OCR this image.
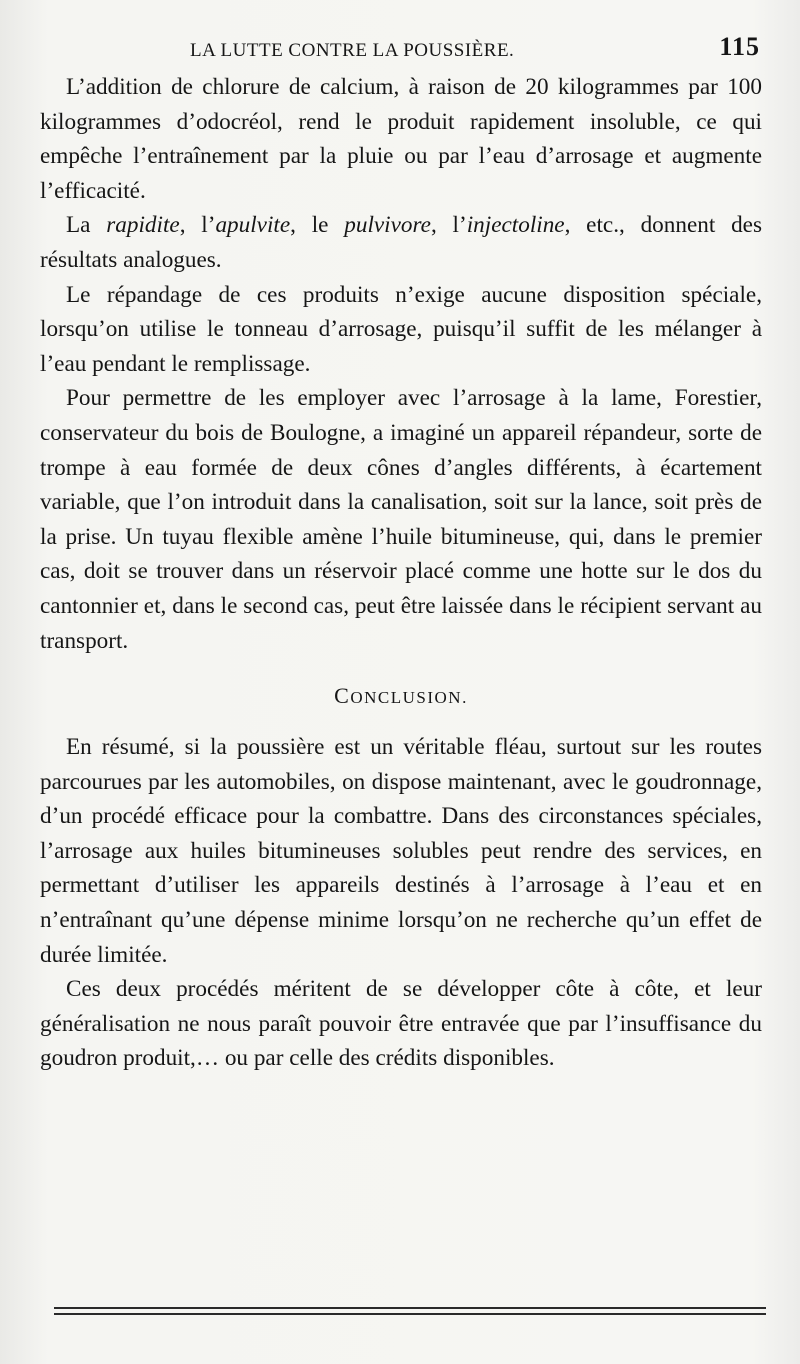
LA LUTTE CONTRE LA POUSSIÈRE.	115

L’addition de chlorure de calcium, à raison de 20 kilogrammes par 100 kilogrammes d’odocréol, rend le produit rapidement insoluble, ce qui empêche l’entraînement par la pluie ou par l’eau d’arrosage et augmente l’efficacité.

La rapidite, l’apulvite, le pulvivore, l’injectoline, etc., donnent des résultats analogues.

Le répandage de ces produits n’exige aucune disposition spéciale, lorsqu’on utilise le tonneau d’arrosage, puisqu’il suffit de les mélanger à l’eau pendant le remplissage.

Pour permettre de les employer avec l’arrosage à la lame, Forestier, conservateur du bois de Boulogne, a imaginé un appareil répandeur, sorte de trompe à eau formée de deux cônes d’angles différents, à écartement variable, que l’on introduit dans la canalisation, soit sur la lance, soit près de la prise. Un tuyau flexible amène l’huile bitumineuse, qui, dans le premier cas, doit se trouver dans un réservoir placé comme une hotte sur le dos du cantonnier et, dans le second cas, peut être laissée dans le récipient servant au transport.

CONCLUSION.

En résumé, si la poussière est un véritable fléau, surtout sur les routes parcourues par les automobiles, on dispose maintenant, avec le goudronnage, d’un procédé efficace pour la combattre. Dans des circonstances spéciales, l’arrosage aux huiles bitumineuses solubles peut rendre des services, en permettant d’utiliser les appareils destinés à l’arrosage à l’eau et en n’entraînant qu’une dépense minime lorsqu’on ne recherche qu’un effet de durée limitée.

Ces deux procédés méritent de se développer côte à côte, et leur généralisation ne nous paraît pouvoir être entravée que par l’insuffisance du goudron produit,… ou par celle des crédits disponibles.
